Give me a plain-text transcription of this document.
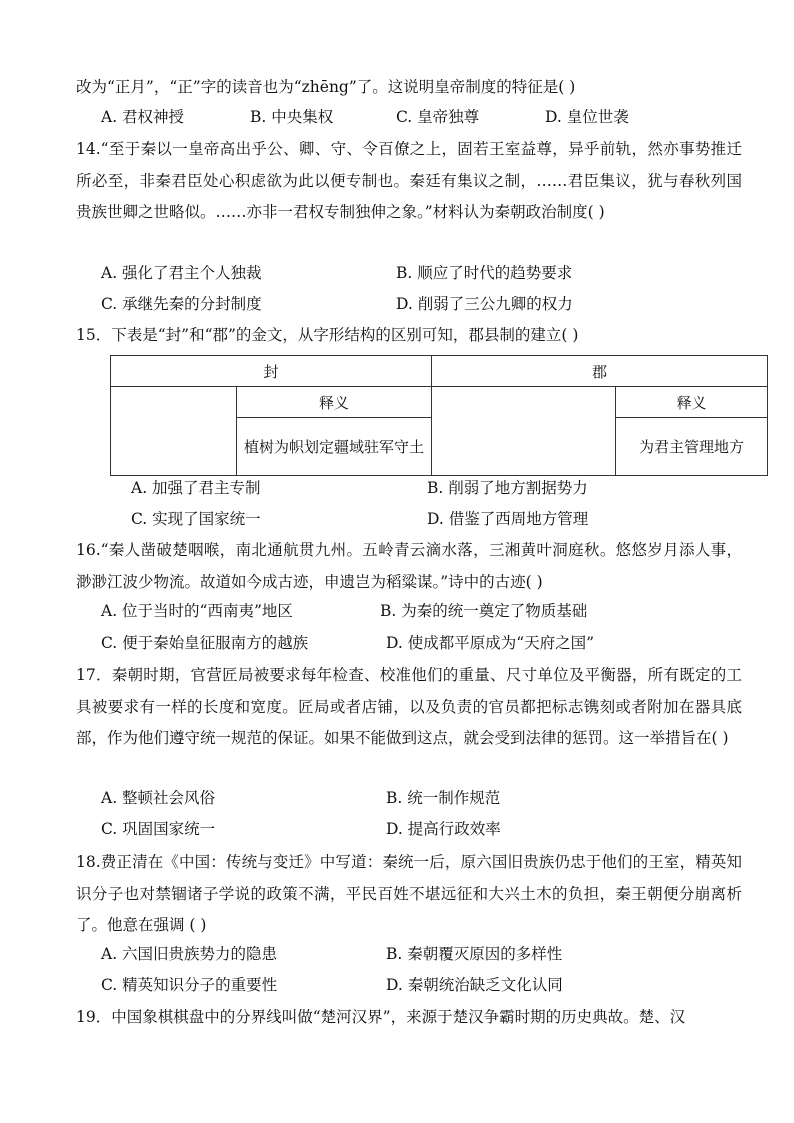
改为“正月”，“正”字的读音也为“zhēng”了。这说明皇帝制度的特征是( )
A. 君权神授	B. 中央集权	C. 皇帝独尊	D. 皇位世袭
14.“至于秦以一皇帝高出乎公、卿、守、令百僚之上，固若王室益尊，异乎前轨，然亦事势推迁所必至，非秦君臣处心积虑欲为此以便专制也。秦廷有集议之制，……君臣集议，犹与春秋列国贵族世卿之世略似。……亦非一君权专制独伸之象。”材料认为秦朝政治制度( )
A. 强化了君主个人独裁	B. 顺应了时代的趋势要求
C. 承继先秦的分封制度	D. 削弱了三公九卿的权力
15．下表是“封”和“郡”的金文，从字形结构的区别可知，郡县制的建立( )
封		郡	
	释义		释义
	植树为帜划定疆域驻军守土		为君主管理地方
A. 加强了君主专制	B. 削弱了地方割据势力
C. 实现了国家统一	D. 借鉴了西周地方管理
16.“秦人凿破楚咽喉，南北通航贯九州。五岭青云滴水落，三湘黄叶洞庭秋。悠悠岁月添人事，渺渺江波少物流。故道如今成古迹，申遗岂为稻粱谋。”诗中的古迹( )
A. 位于当时的“西南夷”地区	B. 为秦的统一奠定了物质基础
C. 便于秦始皇征服南方的越族	D. 使成都平原成为“天府之国”
17．秦朝时期，官营匠局被要求每年检查、校准他们的重量、尺寸单位及平衡器，所有既定的工具被要求有一样的长度和宽度。匠局或者店铺，以及负责的官员都把标志镌刻或者附加在器具底部，作为他们遵守统一规范的保证。如果不能做到这点，就会受到法律的惩罚。这一举措旨在( )
A. 整顿社会风俗	B. 统一制作规范
C. 巩固国家统一	D. 提高行政效率
18.费正清在《中国：传统与变迁》中写道：秦统一后，原六国旧贵族仍忠于他们的王室，精英知识分子也对禁锢诸子学说的政策不满，平民百姓不堪远征和大兴土木的负担，秦王朝便分崩离析了。他意在强调 ( )
A. 六国旧贵族势力的隐患	B. 秦朝覆灭原因的多样性
C. 精英知识分子的重要性	D. 秦朝统治缺乏文化认同
19．中国象棋棋盘中的分界线叫做“楚河汉界”，来源于楚汉争霸时期的历史典故。楚、汉
